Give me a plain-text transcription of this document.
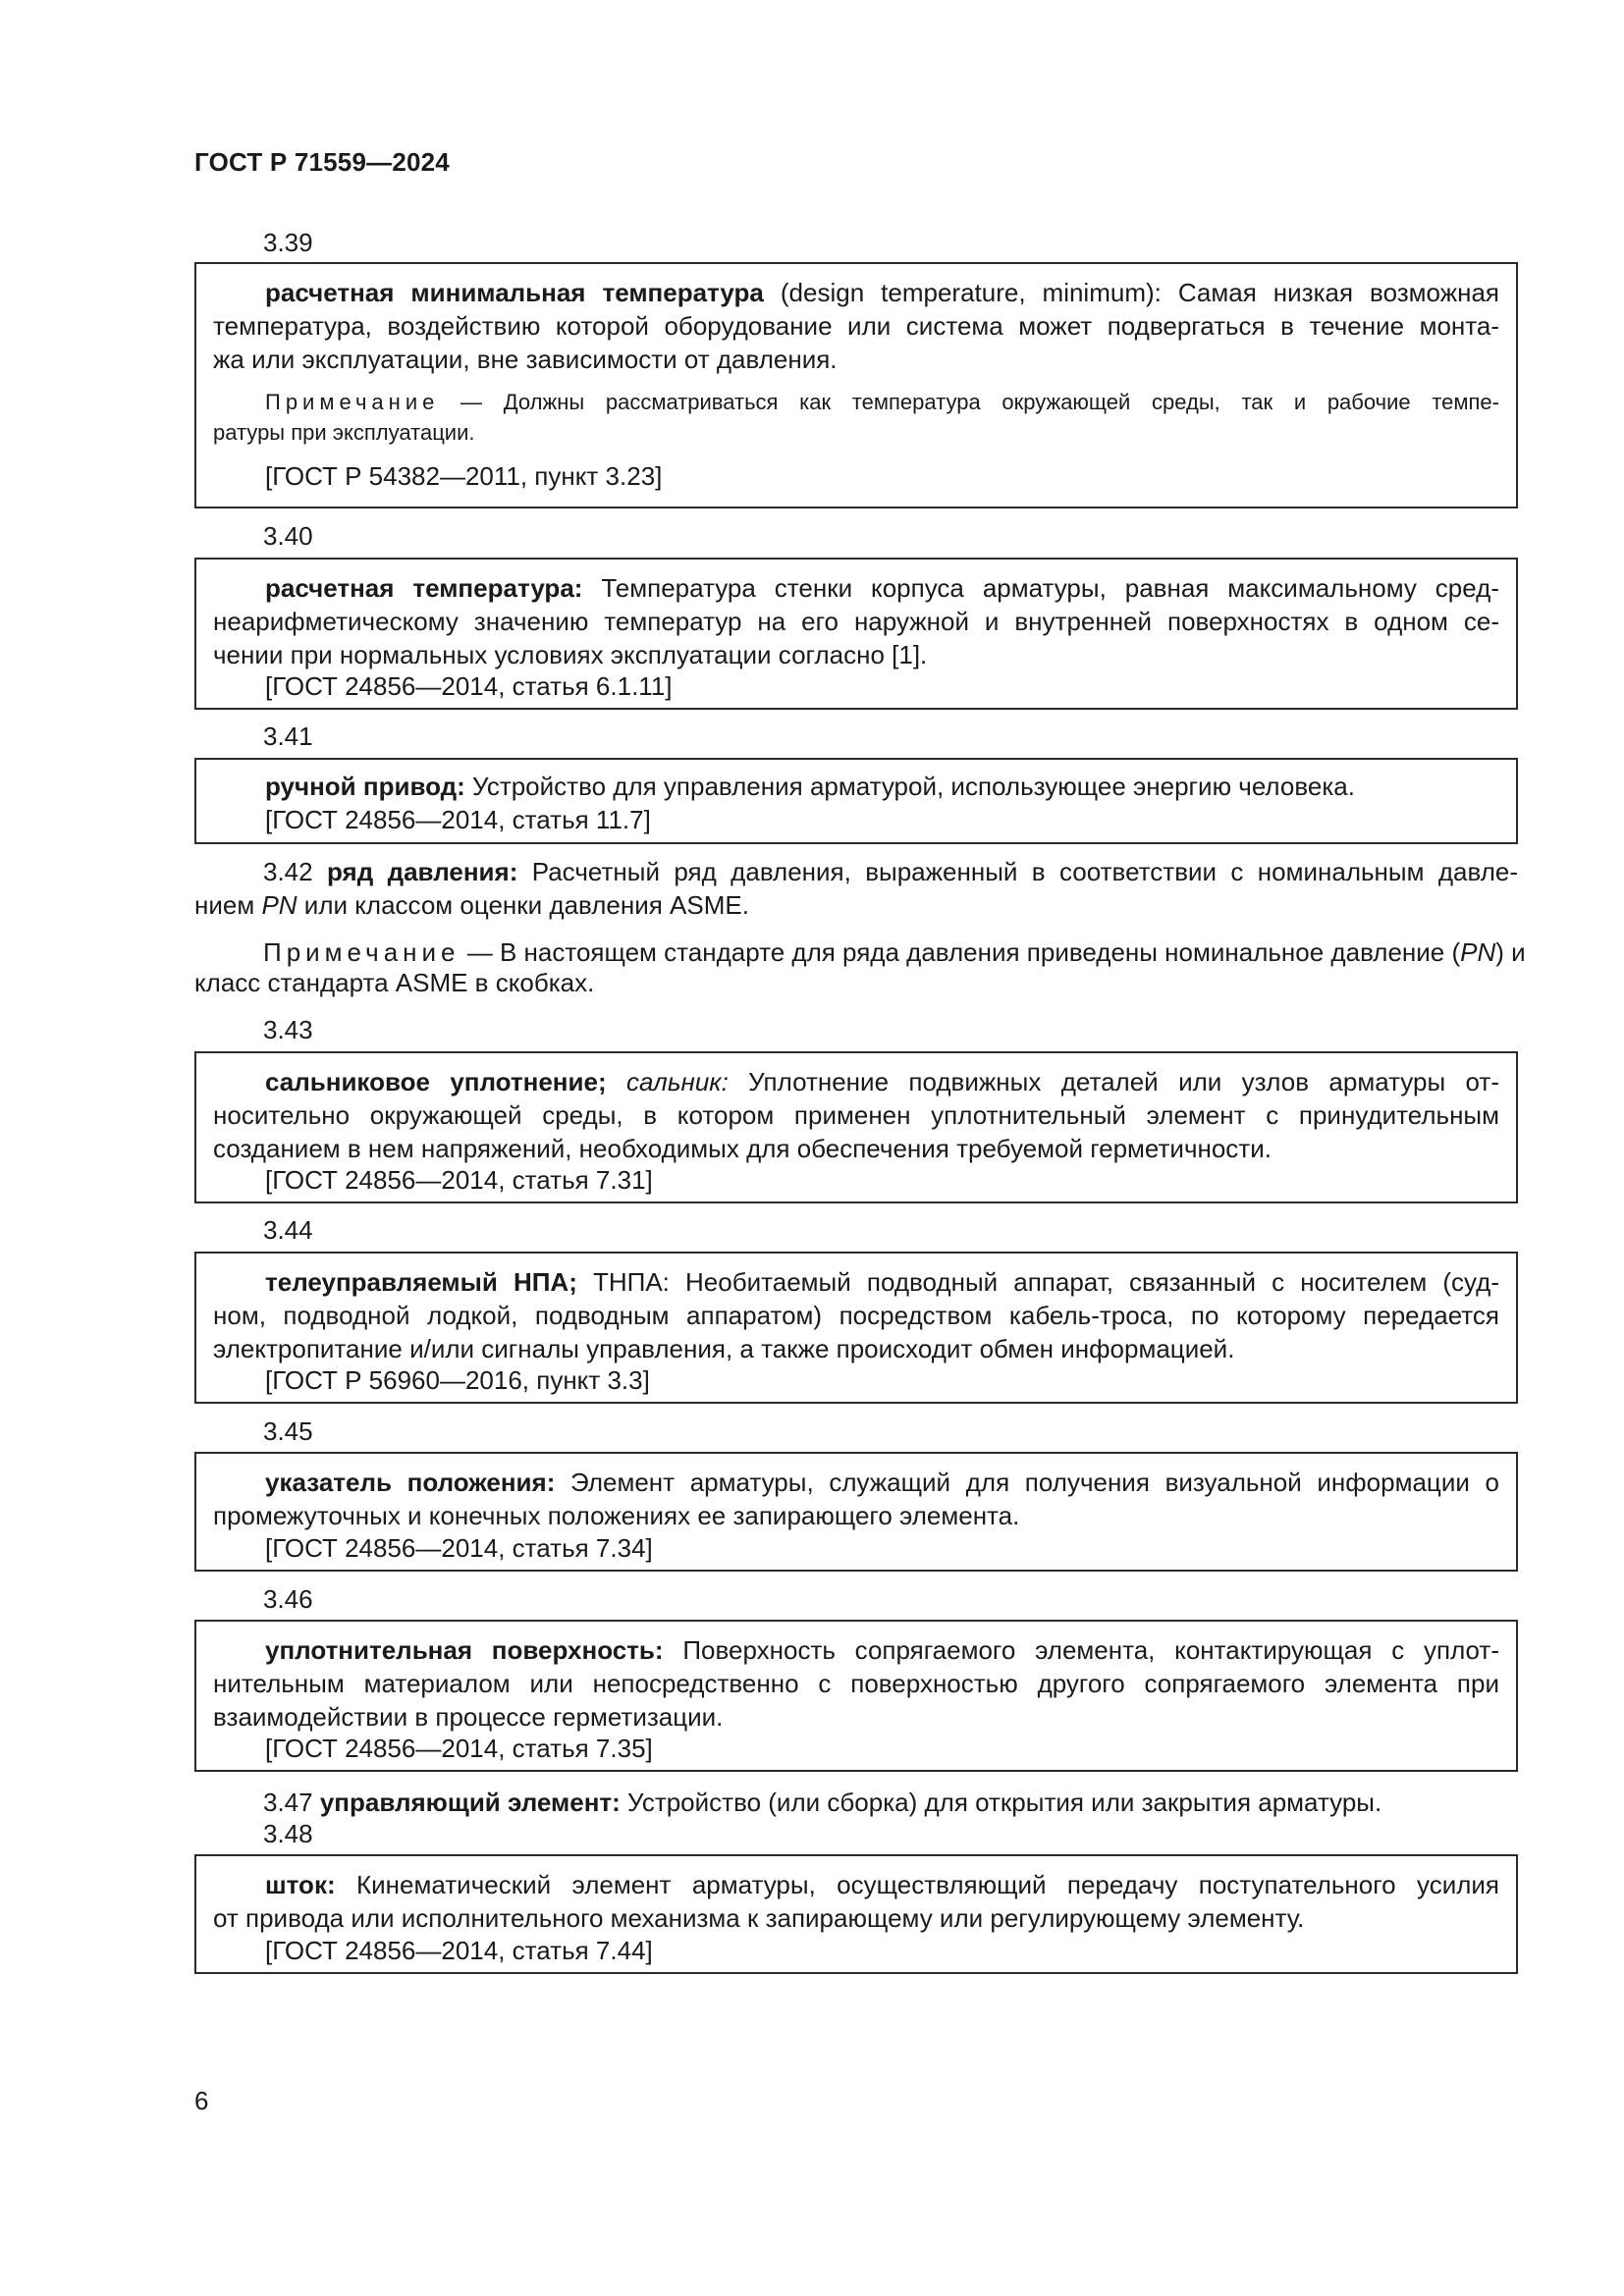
ГОСТ Р 71559—2024
3.39
расчетная минимальная температура (design temperature, minimum): Самая низкая возможная
температура, воздействию которой оборудование или система может подвергаться в течение монта-
жа или эксплуатации, вне зависимости от давления.
Примечание — Должны рассматриваться как температура окружающей среды, так и рабочие темпе-
ратуры при эксплуатации.
[ГОСТ Р 54382—2011, пункт 3.23]
3.40
расчетная температура: Температура стенки корпуса арматуры, равная максимальному сред-
неарифметическому значению температур на его наружной и внутренней поверхностях в одном се-
чении при нормальных условиях эксплуатации согласно [1].
[ГОСТ 24856—2014, статья 6.1.11]
3.41
ручной привод: Устройство для управления арматурой, использующее энергию человека.
[ГОСТ 24856—2014, статья 11.7]
3.42 ряд давления: Расчетный ряд давления, выраженный в соответствии с номинальным давле-
нием PN или классом оценки давления ASME.
Примечание — В настоящем стандарте для ряда давления приведены номинальное давление (PN) и
класс стандарта ASME в скобках.
3.43
сальниковое уплотнение; сальник: Уплотнение подвижных деталей или узлов арматуры от-
носительно окружающей среды, в котором применен уплотнительный элемент с принудительным
созданием в нем напряжений, необходимых для обеспечения требуемой герметичности.
[ГОСТ 24856—2014, статья 7.31]
3.44
телеуправляемый НПА; ТНПА: Необитаемый подводный аппарат, связанный с носителем (суд-
ном, подводной лодкой, подводным аппаратом) посредством кабель-троса, по которому передается
электропитание и/или сигналы управления, а также происходит обмен информацией.
[ГОСТ Р 56960—2016, пункт 3.3]
3.45
указатель положения: Элемент арматуры, служащий для получения визуальной информации о
промежуточных и конечных положениях ее запирающего элемента.
[ГОСТ 24856—2014, статья 7.34]
3.46
уплотнительная поверхность: Поверхность сопрягаемого элемента, контактирующая с уплот-
нительным материалом или непосредственно с поверхностью другого сопрягаемого элемента при
взаимодействии в процессе герметизации.
[ГОСТ 24856—2014, статья 7.35]
3.47 управляющий элемент: Устройство (или сборка) для открытия или закрытия арматуры.
3.48
шток: Кинематический элемент арматуры, осуществляющий передачу поступательного усилия
от привода или исполнительного механизма к запирающему или регулирующему элементу.
[ГОСТ 24856—2014, статья 7.44]
6
